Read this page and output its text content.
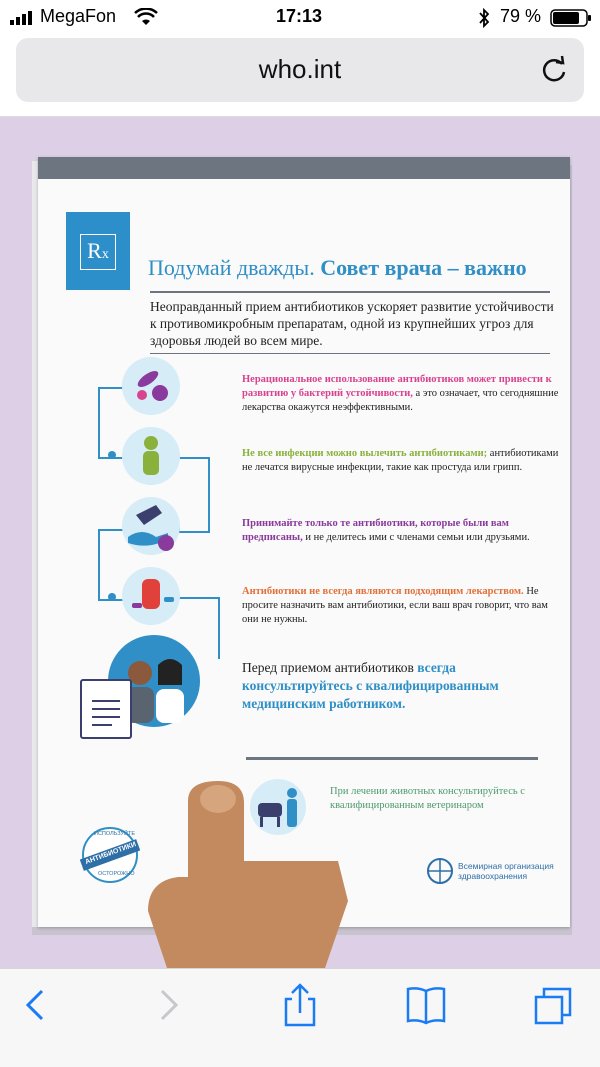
MegaFon	17:13	79 %
who.int
Rx
Подумай дважды. Совет врача – важно
Неоправданный прием антибиотиков ускоряет развитие устойчивости к противомикробным препаратам, одной из крупнейших угроз для здоровья людей во всем мире.
Нерациональное использование антибиотиков может привести к развитию у бактерий устойчивости, а это означает, что сегодняшние лекарства окажутся неэффективными.
Не все инфекции можно вылечить антибиотиками; антибиотиками не лечатся вирусные инфекции, такие как простуда или грипп.
Принимайте только те антибиотики, которые были вам предписаны, и не делитесь ими с членами семьи или друзьями.
Антибиотики не всегда являются подходящим лекарством. Не просите назначить вам антибиотики, если ваш врач говорит, что вам они не нужны.
Перед приемом антибиотиков всегда консультируйтесь с квалифицированным медицинским работником.
При лечении животных консультируйтесь с квалифицированным ветеринаром
ИСПОЛЬЗУЙТЕ
АНТИБИОТИКИ
ОСТОРОЖНО
Всемирная организация здравоохранения
